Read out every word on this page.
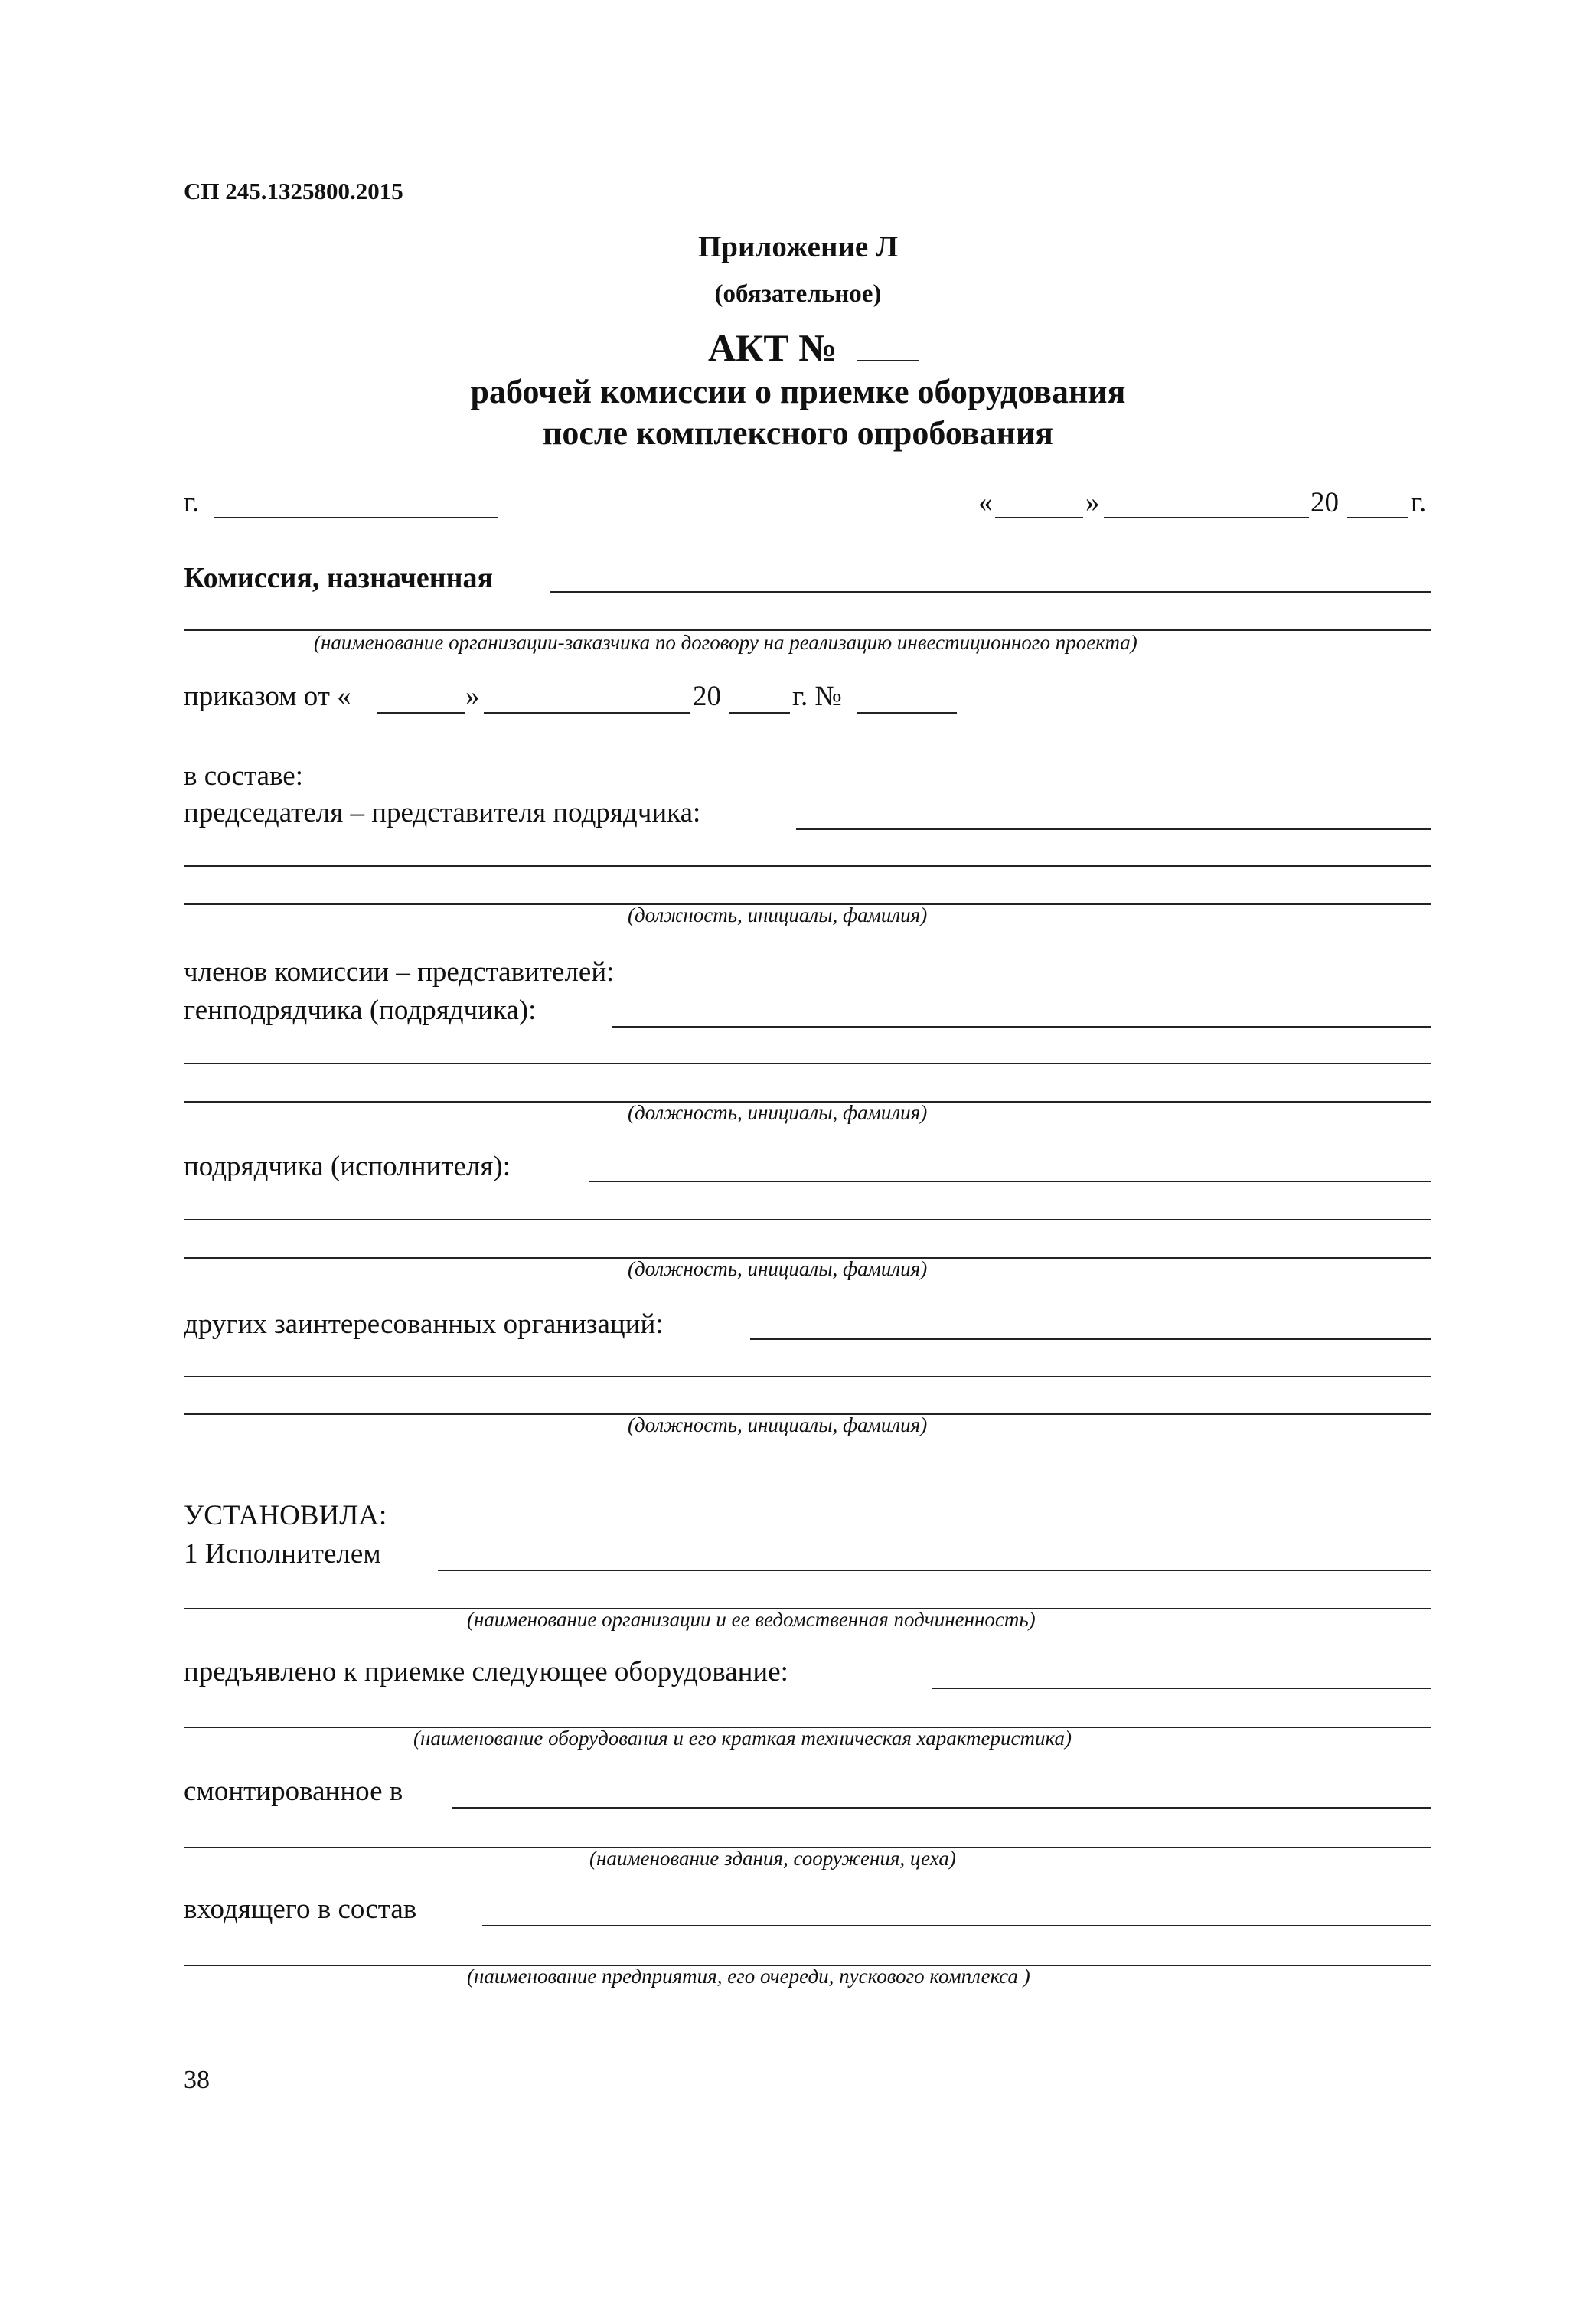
СП 245.1325800.2015
Приложение Л
(обязательное)
АКТ №
рабочей комиссии о приемке оборудования
после комплексного опробования
г.	«	»	20	г.
Комиссия, назначенная
(наименование организации-заказчика по договору на реализацию инвестиционного проекта)
приказом от «	»	20	г. №
в составе:
председателя – представителя подрядчика:
(должность, инициалы, фамилия)
членов комиссии – представителей:
генподрядчика (подрядчика):
(должность, инициалы, фамилия)
подрядчика (исполнителя):
(должность, инициалы, фамилия)
других заинтересованных организаций:
(должность, инициалы, фамилия)
УСТАНОВИЛА:
1 Исполнителем
(наименование организации и ее ведомственная подчиненность)
предъявлено к приемке следующее оборудование:
(наименование оборудования и его краткая техническая характеристика)
смонтированное в
(наименование здания, сооружения, цеха)
входящего в состав
(наименование предприятия, его очереди, пускового комплекса )
38
